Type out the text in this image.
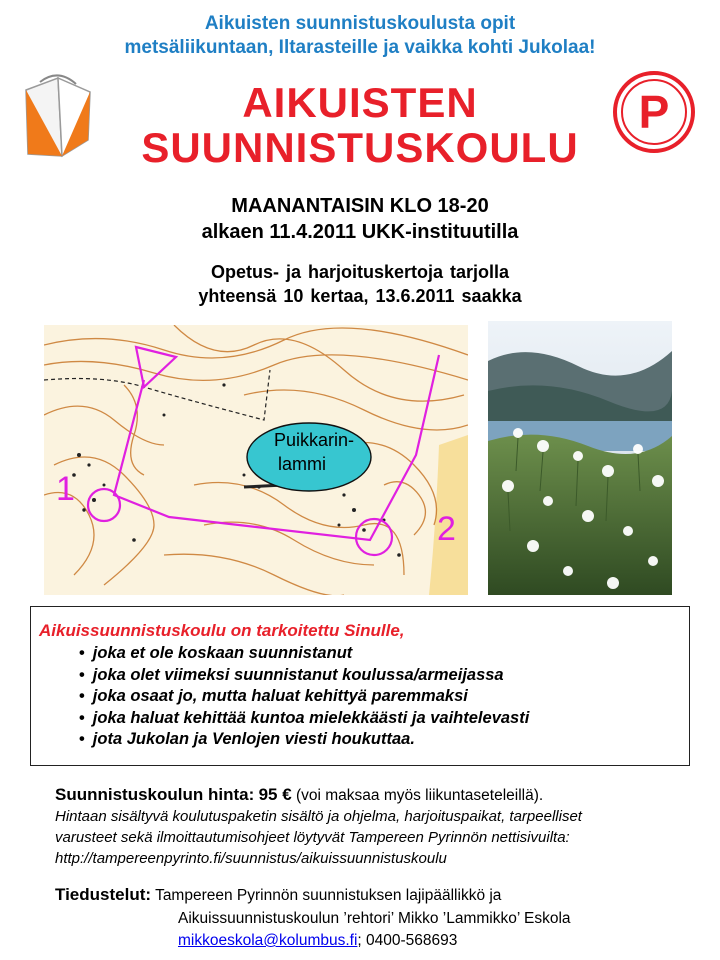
Aikuisten suunnistuskoulusta opit
metsäliikuntaan, Iltarasteille ja vaikka kohti Jukolaa!
AIKUISTEN
SUUNNISTUSKOULU
P
MAANANTAISIN KLO 18-20
alkaen 11.4.2011 UKK-instituutilla
Opetus- ja harjoituskertoja tarjolla
yhteensä 10 kertaa, 13.6.2011 saakka
Puikkarin-
lammi
1
2
Aikuissuunnistuskoulu on tarkoitettu Sinulle,
• joka et ole koskaan suunnistanut
• joka olet viimeksi suunnistanut koulussa/armeijassa
• joka osaat jo, mutta haluat kehittyä paremmaksi
• joka haluat kehittää kuntoa mielekkäästi ja vaihtelevasti
• jota Jukolan ja Venlojen viesti houkuttaa.
Suunnistuskoulun hinta: 95 € (voi maksaa myös liikuntaseteleillä).
Hintaan sisältyvä koulutuspaketin sisältö ja ohjelma, harjoituspaikat, tarpeelliset
varusteet sekä ilmoittautumisohjeet löytyvät Tampereen Pyrinnön nettisivuilta:
http://tampereenpyrinto.fi/suunnistus/aikuissuunnistuskoulu
Tiedustelut: Tampereen Pyrinnön suunnistuksen lajipäällikkö ja
Aikuissuunnistuskoulun ’rehtori’ Mikko ’Lammikko’ Eskola
mikkoeskola@kolumbus.fi; 0400-568693
